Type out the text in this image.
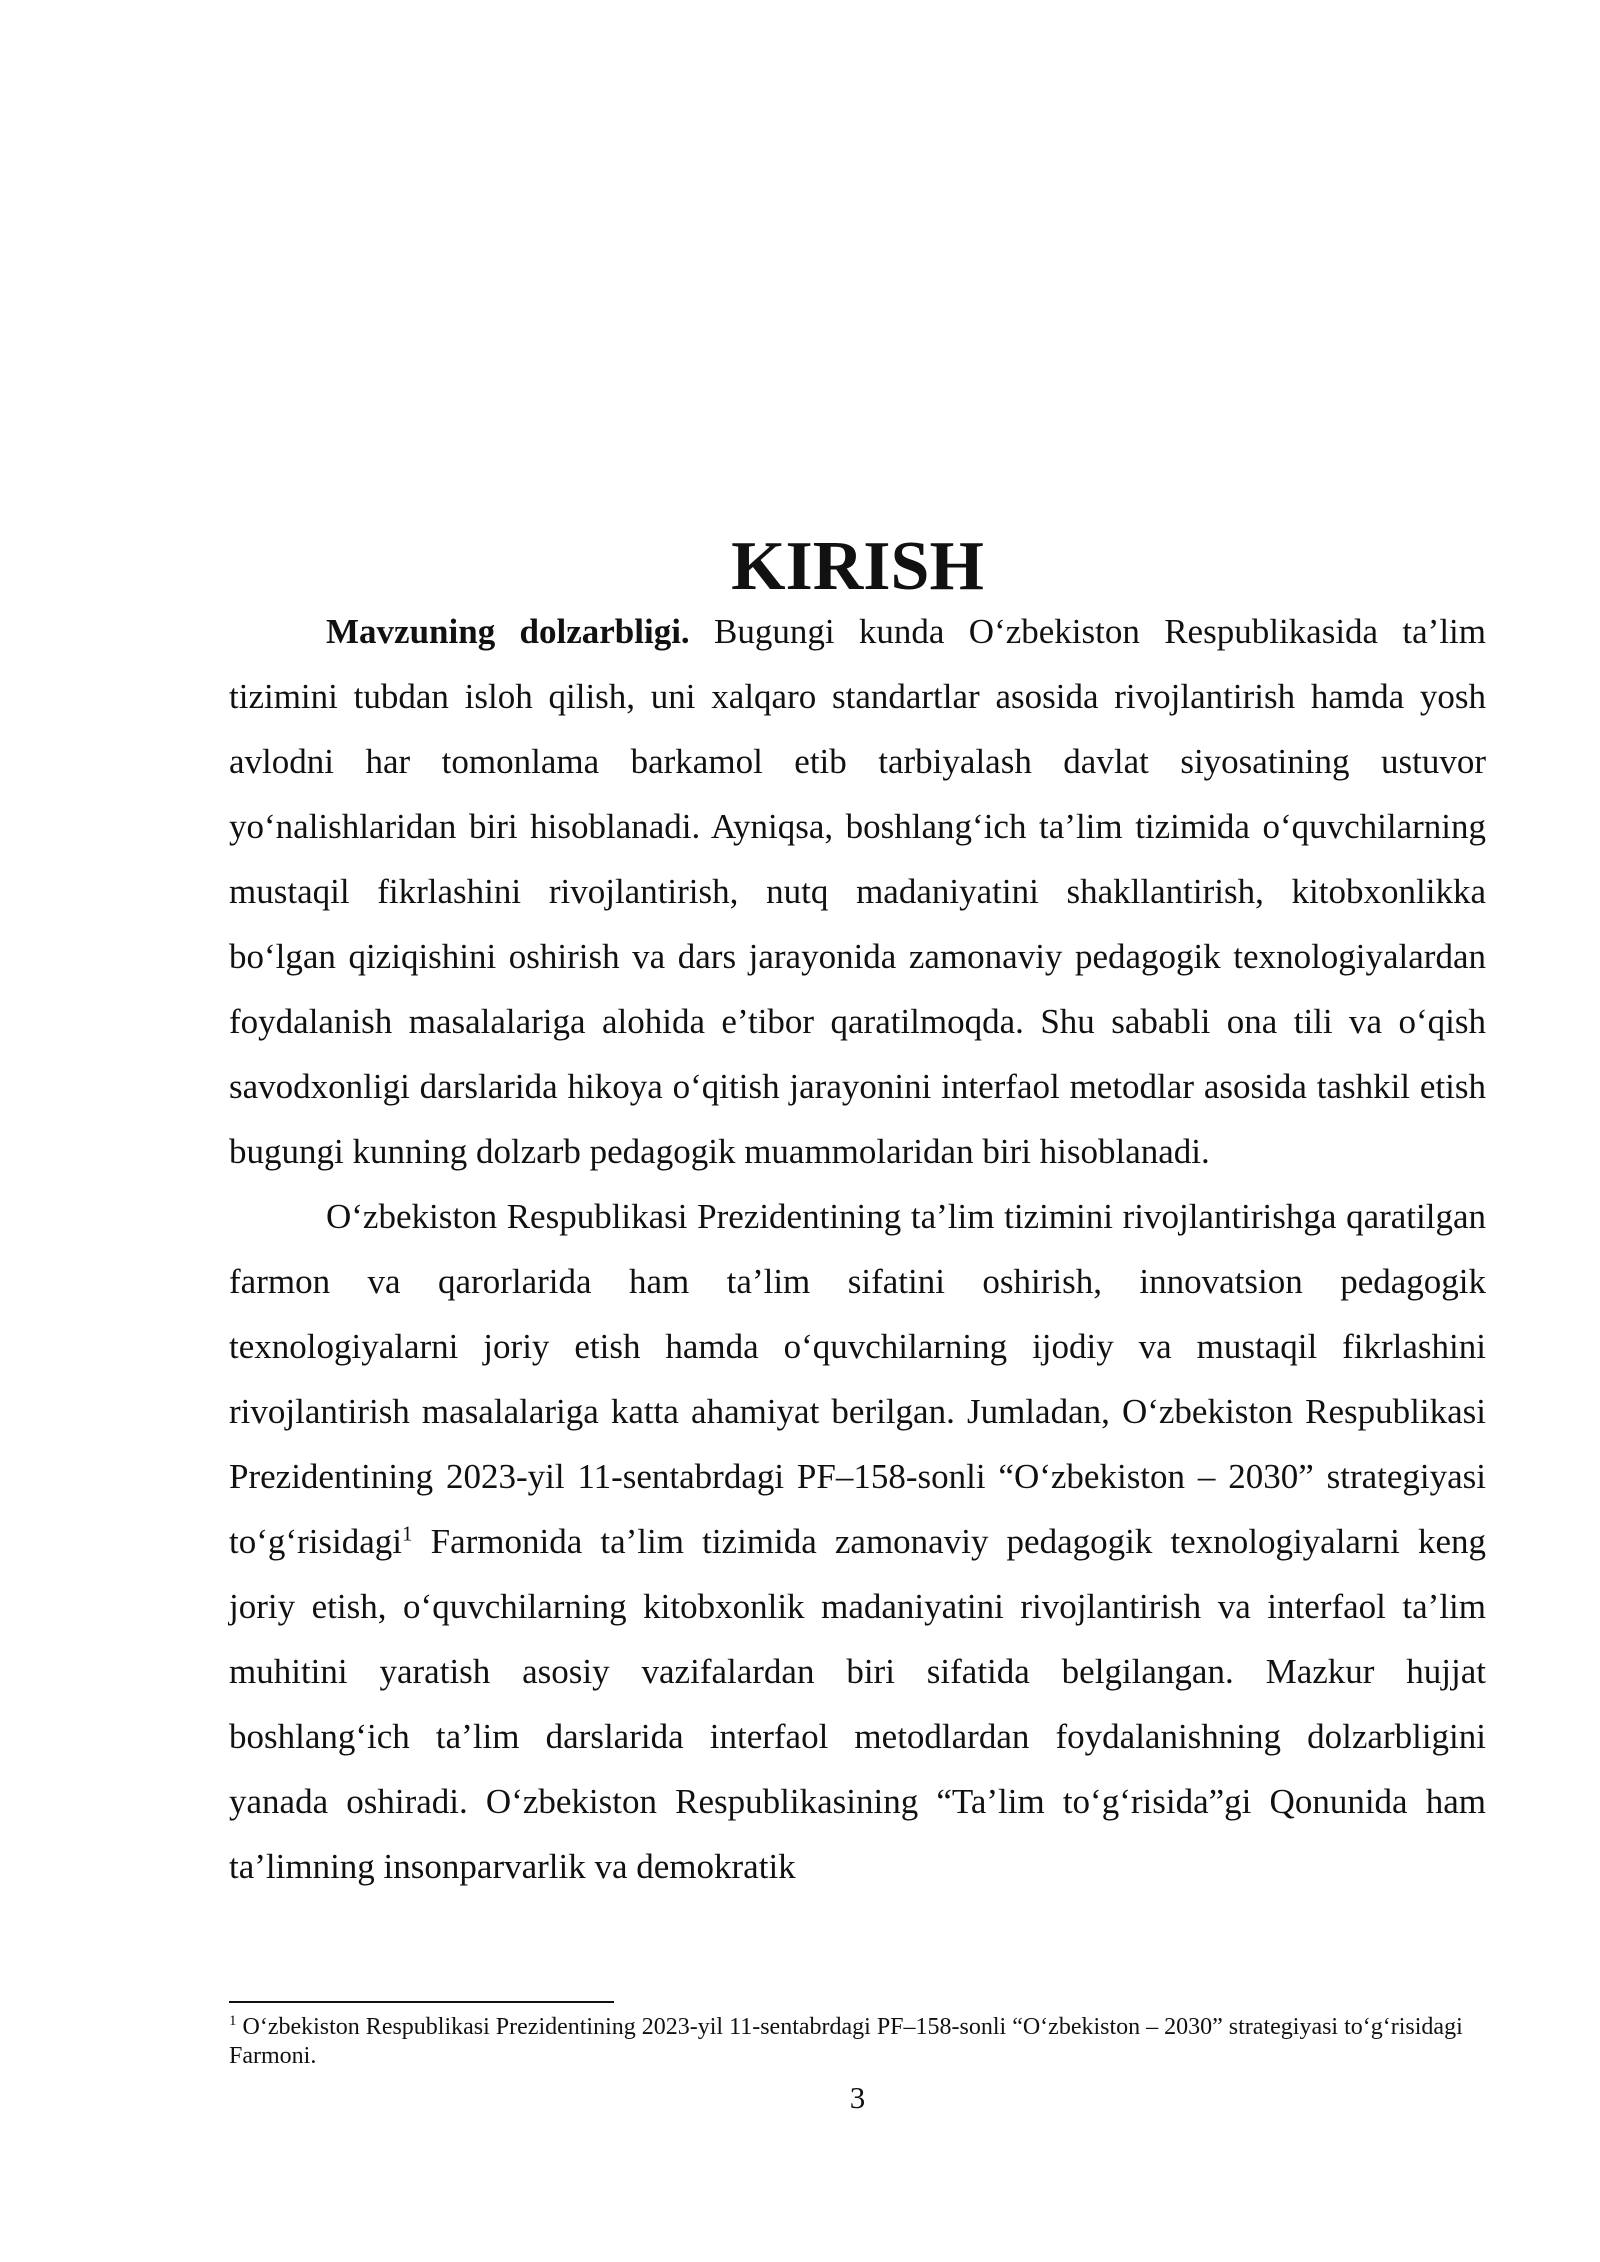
KIRISH

Mavzuning dolzarbligi. Bugungi kunda O‘zbekiston Respublikasida ta’lim tizimini tubdan isloh qilish, uni xalqaro standartlar asosida rivojlantirish hamda yosh avlodni har tomonlama barkamol etib tarbiyalash davlat siyosatining ustuvor yo‘nalishlaridan biri hisoblanadi. Ayniqsa, boshlang‘ich ta’lim tizimida o‘quvchilarning mustaqil fikrlashini rivojlantirish, nutq madaniyatini shakllantirish, kitobxonlikka bo‘lgan qiziqishini oshirish va dars jarayonida zamonaviy pedagogik texnologiyalardan foydalanish masalalariga alohida e’tibor qaratilmoqda. Shu sababli ona tili va o‘qish savodxonligi darslarida hikoya o‘qitish jarayonini interfaol metodlar asosida tashkil etish bugungi kunning dolzarb pedagogik muammolaridan biri hisoblanadi.

O‘zbekiston Respublikasi Prezidentining ta’lim tizimini rivojlantirishga qaratilgan farmon va qarorlarida ham ta’lim sifatini oshirish, innovatsion pedagogik texnologiyalarni joriy etish hamda o‘quvchilarning ijodiy va mustaqil fikrlashini rivojlantirish masalalariga katta ahamiyat berilgan. Jumladan, O‘zbekiston Respublikasi Prezidentining 2023-yil 11-sentabrdagi PF–158-sonli “O‘zbekiston – 2030” strategiyasi to‘g‘risidagi$^1$ Farmonida ta’lim tizimida zamonaviy pedagogik texnologiyalarni keng joriy etish, o‘quvchilarning kitobxonlik madaniyatini rivojlantirish va interfaol ta’lim muhitini yaratish asosiy vazifalardan biri sifatida belgilangan. Mazkur hujjat boshlang‘ich ta’lim darslarida interfaol metodlardan foydalanishning dolzarbligini yanada oshiradi. O‘zbekiston Respublikasining “Ta’lim to‘g‘risida”gi Qonunida ham ta’limning insonparvarlik va demokratik

$^1$ O‘zbekiston Respublikasi Prezidentining 2023-yil 11-sentabrdagi PF–158-sonli “O‘zbekiston – 2030” strategiyasi to‘g‘risidagi Farmoni.

3
